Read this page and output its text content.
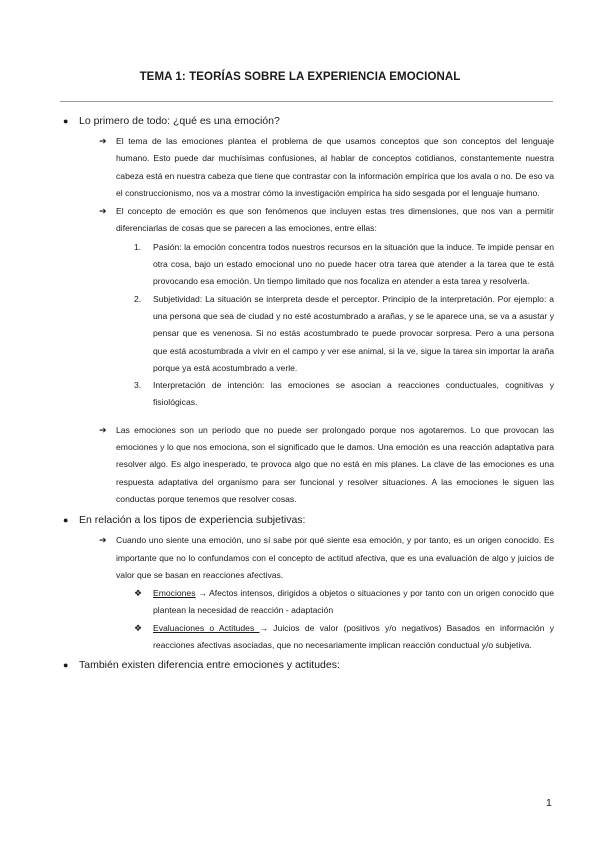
TEMA 1: TEORÍAS SOBRE LA EXPERIENCIA EMOCIONAL
● Lo primero de todo: ¿qué es una emoción?
➔ El tema de las emociones plantea el problema de que usamos conceptos que son conceptos del lenguaje humano. Esto puede dar muchísimas confusiones, al hablar de conceptos cotidianos, constantemente nuestra cabeza está en nuestra cabeza que tiene que contrastar con la información empírica que los avala o no. De eso va el construccionismo, nos va a mostrar cómo la investigación empírica ha sido sesgada por el lenguaje humano.
➔ El concepto de emoción es que son fenómenos que incluyen estas tres dimensiones, que nos van a permitir diferenciarlas de cosas que se parecen a las emociones, entre ellas:
1. Pasión: la emoción concentra todos nuestros recursos en la situación que la induce. Te impide pensar en otra cosa, bajo un estado emocional uno no puede hacer otra tarea que atender a la tarea que te está provocando esa emoción. Un tiempo limitado que nos focaliza en atender a esta tarea y resolverla.
2. Subjetividad: La situación se interpreta desde el perceptor. Principio de la interpretación. Por ejemplo: a una persona que sea de ciudad y no esté acostumbrado a arañas, y se le aparece una, se va a asustar y pensar que es venenosa. Si no estás acostumbrado te puede provocar sorpresa. Pero a una persona que está acostumbrada a vivir en el campo y ver ese animal, si la ve, sigue la tarea sin importar la araña porque ya está acostumbrado a verle.
3. Interpretación de intención: las emociones se asocian a reacciones conductuales, cognitivas y fisiológicas.
➔ Las emociones son un periodo que no puede ser prolongado porque nos agotaremos. Lo que provocan las emociones y lo que nos emociona, son el significado que le damos. Una emoción es una reacción adaptativa para resolver algo. Es algo inesperado, te provoca algo que no está en mis planes. La clave de las emociones es una respuesta adaptativa del organismo para ser funcional y resolver situaciones. A las emociones le siguen las conductas porque tenemos que resolver cosas.
● En relación a los tipos de experiencia subjetivas:
➔ Cuando uno siente una emoción, uno sí sabe por qué siente esa emoción, y por tanto, es un origen conocido. Es importante que no lo confundamos con el concepto de actitud afectiva, que es una evaluación de algo y juicios de valor que se basan en reacciones afectivas.
❖ Emociones → Afectos intensos, dirigidos a objetos o situaciones y por tanto con un origen conocido que plantean la necesidad de reacción - adaptación
❖ Evaluaciones o Actitudes → Juicios de valor (positivos y/o negativos) Basados en información y reacciones afectivas asociadas, que no necesariamente implican reacción conductual y/o subjetiva.
● También existen diferencia entre emociones y actitudes:
1
